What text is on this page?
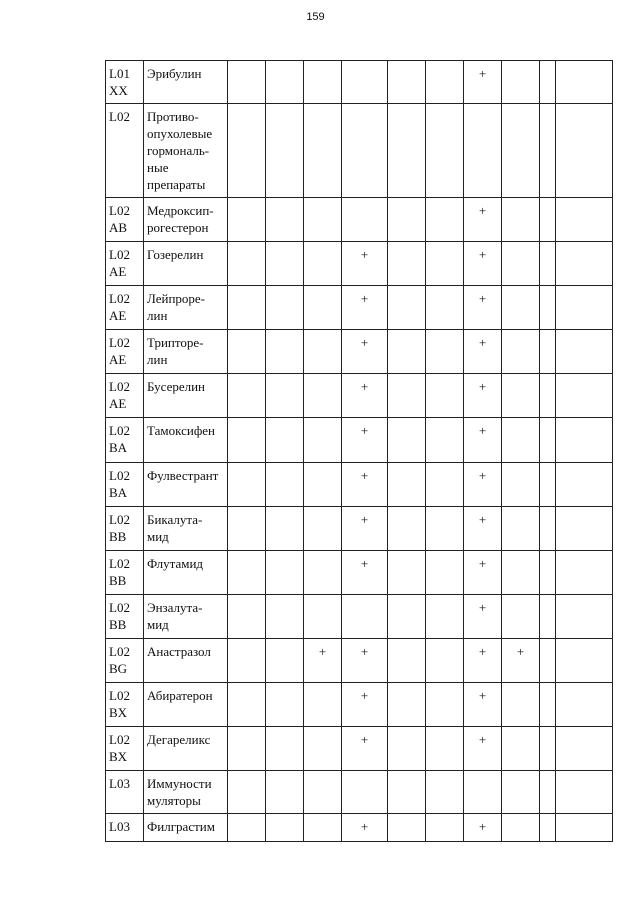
159
L01
XX	Эрибулин							+			
L02	Противо-
опухолевые
гормональ-
ные
препараты										
L02
AB	Медроксип-
рогестерон							+			
L02
AE	Гозерелин				+			+			
L02
AE	Лейпроре-
лин				+			+			
L02
AE	Трипторе-
лин				+			+			
L02
AE	Бусерелин				+			+			
L02
BA	Тамоксифен				+			+			
L02
BA	Фулвестрант				+			+			
L02
BB	Бикалута-
мид				+			+			
L02
BB	Флутамид				+			+			
L02
BB	Энзалута-
мид							+			
L02
BG	Анастразол			+	+			+	+		
L02
BX	Абиратерон				+			+			
L02
BX	Дегареликс				+			+			
L03	Иммуности
муляторы										
L03	Филграстим				+			+			
